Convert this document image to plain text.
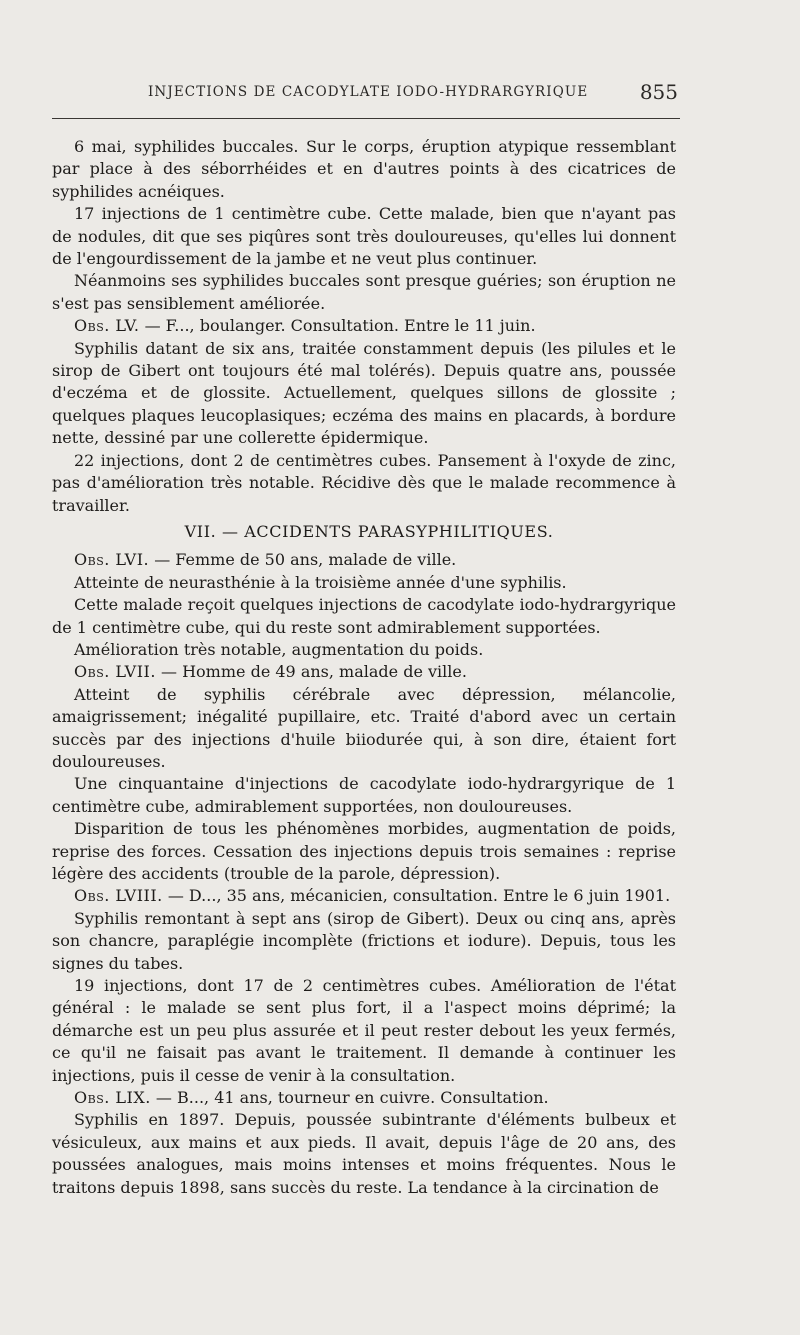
INJECTIONS DE CACODYLATE IODO-HYDRARGYRIQUE	855

6 mai, syphilides buccales. Sur le corps, éruption atypique ressemblant par place à des séborrhéides et en d'autres points à des cicatrices de syphilides acnéiques.

17 injections de 1 centimètre cube. Cette malade, bien que n'ayant pas de nodules, dit que ses piqûres sont très douloureuses, qu'elles lui donnent de l'engourdissement de la jambe et ne veut plus continuer.

Néanmoins ses syphilides buccales sont presque guéries; son éruption ne s'est pas sensiblement améliorée.

Obs. LV. — F..., boulanger. Consultation. Entre le 11 juin.

Syphilis datant de six ans, traitée constamment depuis (les pilules et le sirop de Gibert ont toujours été mal tolérés). Depuis quatre ans, poussée d'eczéma et de glossite. Actuellement, quelques sillons de glossite ; quelques plaques leucoplasiques; eczéma des mains en placards, à bordure nette, dessiné par une collerette épidermique.

22 injections, dont 2 de centimètres cubes. Pansement à l'oxyde de zinc, pas d'amélioration très notable. Récidive dès que le malade recommence à travailler.

VII. — ACCIDENTS PARASYPHILITIQUES.

Obs. LVI. — Femme de 50 ans, malade de ville.

Atteinte de neurasthénie à la troisième année d'une syphilis.

Cette malade reçoit quelques injections de cacodylate iodo-hydrargyrique de 1 centimètre cube, qui du reste sont admirablement supportées.

Amélioration très notable, augmentation du poids.

Obs. LVII. — Homme de 49 ans, malade de ville.

Atteint de syphilis cérébrale avec dépression, mélancolie, amaigrissement; inégalité pupillaire, etc. Traité d'abord avec un certain succès par des injections d'huile biiodurée qui, à son dire, étaient fort douloureuses.

Une cinquantaine d'injections de cacodylate iodo-hydrargyrique de 1 centimètre cube, admirablement supportées, non douloureuses.

Disparition de tous les phénomènes morbides, augmentation de poids, reprise des forces. Cessation des injections depuis trois semaines : reprise légère des accidents (trouble de la parole, dépression).

Obs. LVIII. — D..., 35 ans, mécanicien, consultation. Entre le 6 juin 1901.

Syphilis remontant à sept ans (sirop de Gibert). Deux ou cinq ans, après son chancre, paraplégie incomplète (frictions et iodure). Depuis, tous les signes du tabes.

19 injections, dont 17 de 2 centimètres cubes. Amélioration de l'état général : le malade se sent plus fort, il a l'aspect moins déprimé; la démarche est un peu plus assurée et il peut rester debout les yeux fermés, ce qu'il ne faisait pas avant le traitement. Il demande à continuer les injections, puis il cesse de venir à la consultation.

Obs. LIX. — B..., 41 ans, tourneur en cuivre. Consultation.

Syphilis en 1897. Depuis, poussée subintrante d'éléments bulbeux et vésiculeux, aux mains et aux pieds. Il avait, depuis l'âge de 20 ans, des poussées analogues, mais moins intenses et moins fréquentes. Nous le traitons depuis 1898, sans succès du reste. La tendance à la circination de
